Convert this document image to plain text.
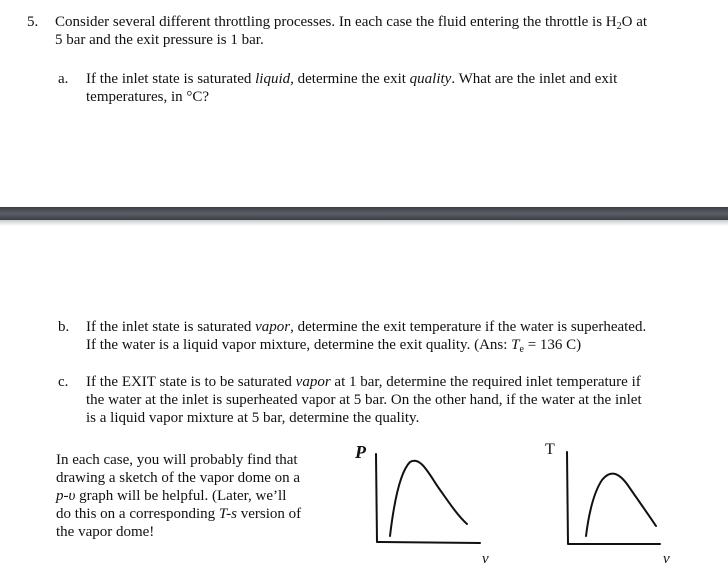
5. Consider several different throttling processes. In each case the fluid entering the throttle is $H_2O$ at
5 bar and the exit pressure is 1 bar.
a. If the inlet state is saturated liquid, determine the exit quality. What are the inlet and exit
temperatures, in °C?
b. If the inlet state is saturated vapor, determine the exit temperature if the water is superheated.
If the water is a liquid vapor mixture, determine the exit quality. (Ans: $T_e = 136$ C)
c. If the EXIT state is to be saturated vapor at 1 bar, determine the required inlet temperature if
the water at the inlet is superheated vapor at 5 bar. On the other hand, if the water at the inlet
is a liquid vapor mixture at 5 bar, determine the quality.
In each case, you will probably find that
drawing a sketch of the vapor dome on a
p-υ graph will be helpful. (Later, we’ll
do this on a corresponding T-s version of
the vapor dome!
P
v
T
v
